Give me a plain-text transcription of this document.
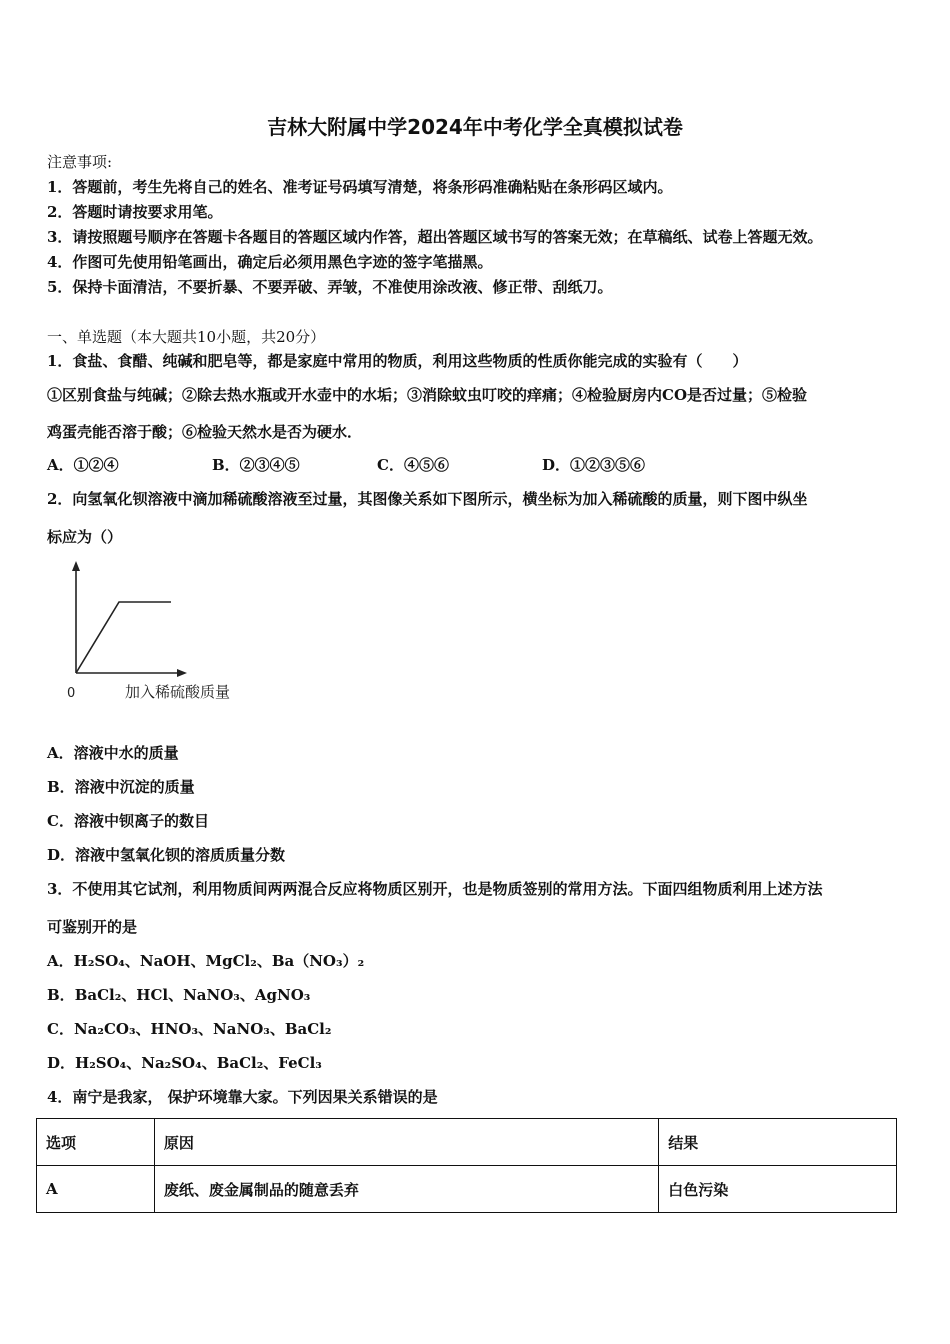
吉林大附属中学2024年中考化学全真模拟试卷
注意事项:
1．答题前，考生先将自己的姓名、准考证号码填写清楚，将条形码准确粘贴在条形码区域内。
2．答题时请按要求用笔。
3．请按照题号顺序在答题卡各题目的答题区域内作答，超出答题区域书写的答案无效；在草稿纸、试卷上答题无效。
4．作图可先使用铅笔画出，确定后必须用黑色字迹的签字笔描黑。
5．保持卡面清洁，不要折暴、不要弄破、弄皱，不准使用涂改液、修正带、刮纸刀。
一、单选题（本大题共10小题，共20分）
1．食盐、食醋、纯碱和肥皂等，都是家庭中常用的物质，利用这些物质的性质你能完成的实验有（　　）
①区别食盐与纯碱；②除去热水瓶或开水壶中的水垢；③消除蚊虫叮咬的痒痛；④检验厨房内CO是否过量；⑤检验
鸡蛋壳能否溶于酸；⑥检验天然水是否为硬水．
A．①②④	B．②③④⑤	C．④⑤⑥	D．①②③⑤⑥
2．向氢氧化钡溶液中滴加稀硫酸溶液至过量，其图像关系如下图所示，横坐标为加入稀硫酸的质量，则下图中纵坐
标应为（）
0	加入稀硫酸质量
A．溶液中水的质量
B．溶液中沉淀的质量
C．溶液中钡离子的数目
D．溶液中氢氧化钡的溶质质量分数
3．不使用其它试剂，利用物质间两两混合反应将物质区别开，也是物质签别的常用方法。下面四组物质利用上述方法
可鉴别开的是
A．H₂SO₄、NaOH、MgCl₂、Ba（NO₃）₂
B．BaCl₂、HCl、NaNO₃、AgNO₃
C．Na₂CO₃、HNO₃、NaNO₃、BaCl₂
D．H₂SO₄、Na₂SO₄、BaCl₂、FeCl₃
4．南宁是我家， 保护环境靠大家。下列因果关系错误的是
选项	原因	结果
A	废纸、废金属制品的随意丢弃	白色污染
